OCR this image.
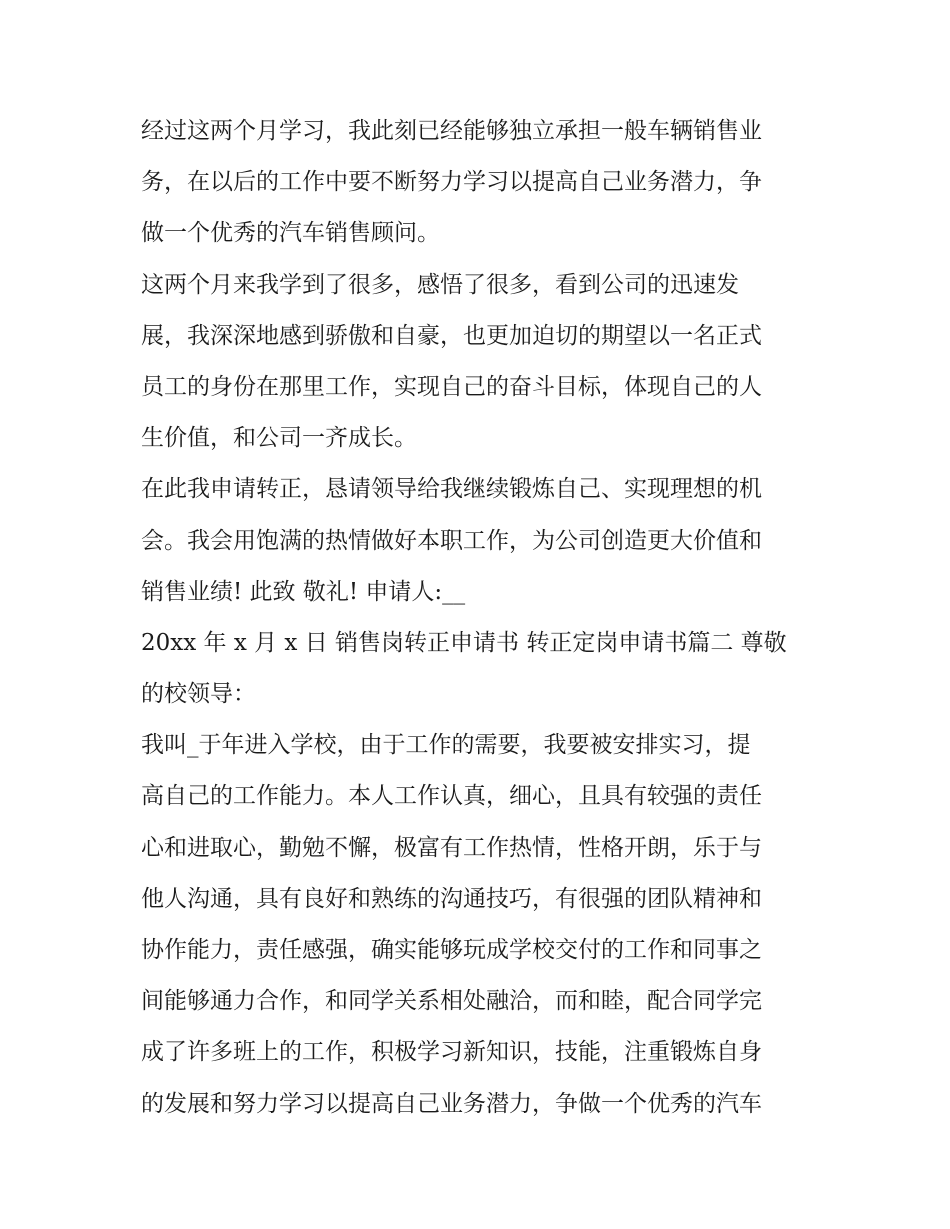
经过这两个月学习，我此刻已经能够独立承担一般车辆销售业
务，在以后的工作中要不断努力学习以提高自己业务潜力，争
做一个优秀的汽车销售顾问。
这两个月来我学到了很多，感悟了很多，看到公司的迅速发
展，我深深地感到骄傲和自豪，也更加迫切的期望以一名正式
员工的身份在那里工作，实现自己的奋斗目标，体现自己的人
生价值，和公司一齐成长。
在此我申请转正，恳请领导给我继续锻炼自己、实现理想的机
会。我会用饱满的热情做好本职工作，为公司创造更大价值和
销售业绩! 此致 敬礼! 申请人:__
20xx 年 x 月 x 日 销售岗转正申请书 转正定岗申请书篇二 尊敬
的校领导：
我叫_于年进入学校，由于工作的需要，我要被安排实习，提
高自己的工作能力。本人工作认真，细心，且具有较强的责任
心和进取心，勤勉不懈，极富有工作热情，性格开朗，乐于与
他人沟通，具有良好和熟练的沟通技巧，有很强的团队精神和
协作能力，责任感强，确实能够玩成学校交付的工作和同事之
间能够通力合作，和同学关系相处融洽，而和睦，配合同学完
成了许多班上的工作，积极学习新知识，技能，注重锻炼自身
的发展和努力学习以提高自己业务潜力，争做一个优秀的汽车
